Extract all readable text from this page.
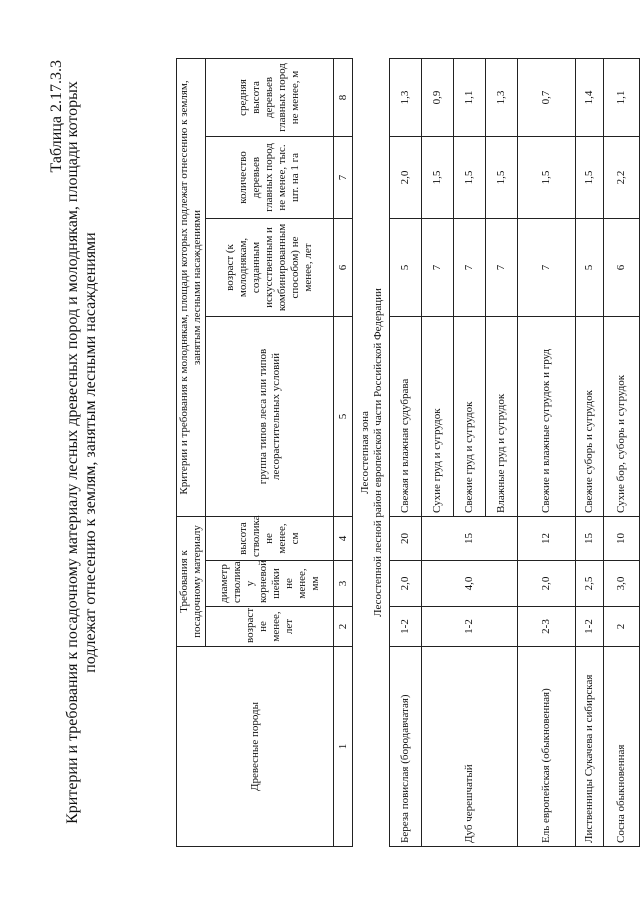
Таблица 2.17.3.3 Критерии и требования к посадочному материалу лесных древесных пород и молоднякам, площади которых подлежат отнесению к землям, занятым лесными насаждениями
Древесные породы	Требования к посадочному материалу			Критерии и требования к молоднякам, площади которых подлежат отнесению к землям, занятым лесными насаждениями			
	возраст не менее, лет	диаметр стволика у корневой шейки не менее, мм	высота стволика не менее, см	группа типов леса или типов лесорастительных условий	возраст (к молоднякам, созданным искусственным и комбинированным способом) не менее, лет	количество деревьев главных пород не менее, тыс. шт. на 1 га	средняя высота деревьев главных пород не менее, м
1	2	3	4	5	6	7	8

Лесостепная зона Лесостепной лесной район европейской части Российской Федерации							

Береза повислая (бородавчатая)	1-2	2,0	20	Свежая и влажная судубрава	5	2,0	1,3
Дуб черешчатый	1-2	4,0	15	Сухие груд и сугрудок	7	1,5	0,9
				Свежие груд и сугрудок	7	1,5	1,1
				Влажные груд и сугрудок	7	1,5	1,3
Ель европейская (обыкновенная)	2-3	2,0	12	Свежие и влажные сугрудок и груд	7	1,5	0,7
Лиственницы Сукачева и сибирская	1-2	2,5	15	Свежие суборь и сугрудок	5	1,5	1,4
Сосна обыкновенная	2	3,0	10	Сухие бор, суборь и сугрудок	6	2,2	1,1
